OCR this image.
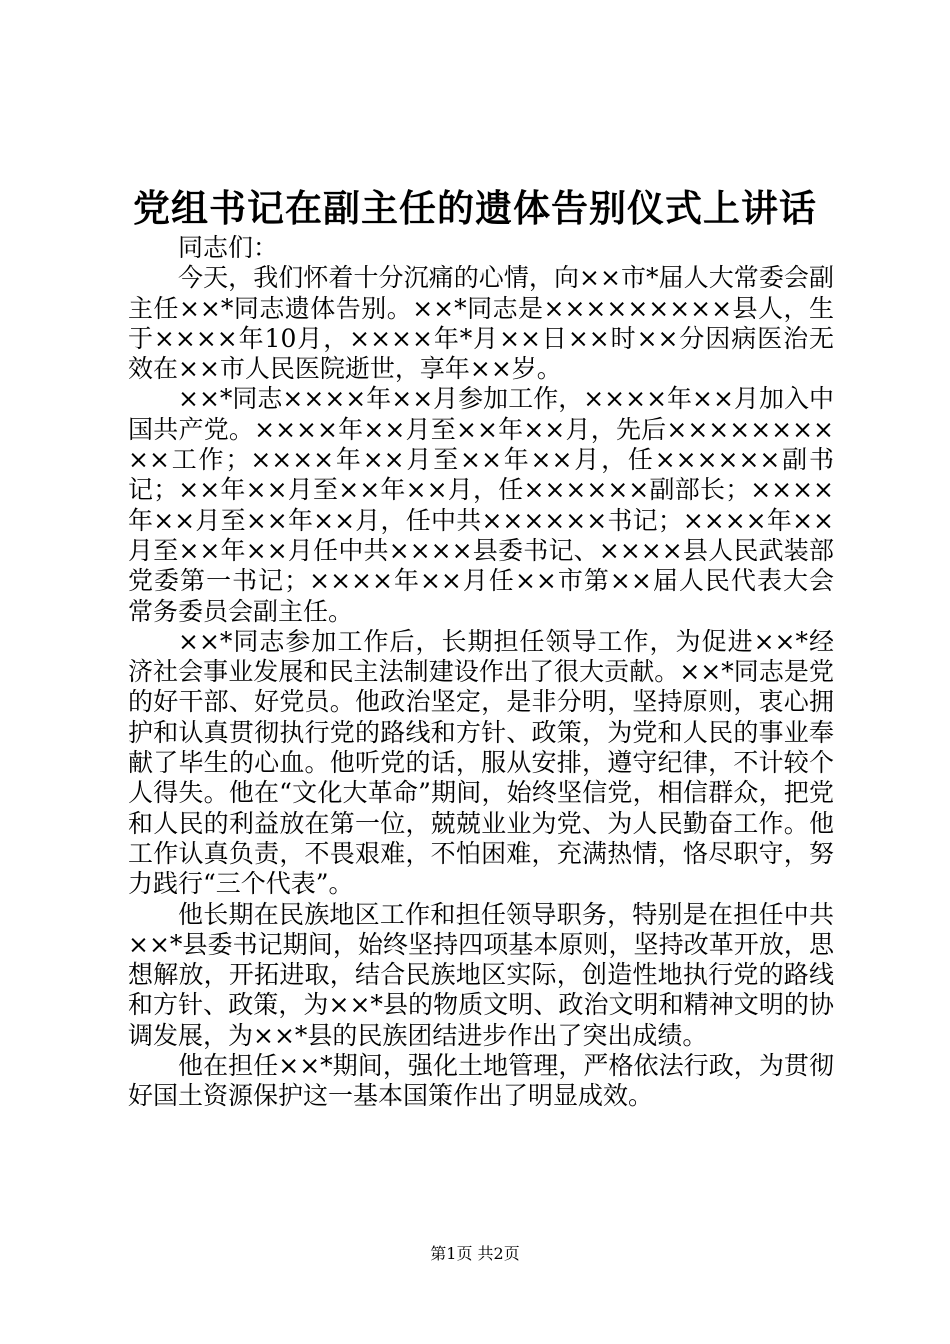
党组书记在副主任的遗体告别仪式上讲话

同志们：

今天，我们怀着十分沉痛的心情，向××市*届人大常委会副主任××*同志遗体告别。××*同志是×××××××××县人，生于××××年10月，××××年*月××日××时××分因病医治无效在××市人民医院逝世，享年××岁。

××*同志××××年××月参加工作，××××年××月加入中国共产党。××××年××月至××年××月，先后××××××××××工作；××××年××月至××年××月，任××××××副书记；××年××月至××年××月，任××××××副部长；××××年××月至××年××月，任中共××××××书记；××××年××月至××年××月任中共××××县委书记、××××县人民武装部党委第一书记；××××年××月任××市第××届人民代表大会常务委员会副主任。

××*同志参加工作后，长期担任领导工作，为促进××*经济社会事业发展和民主法制建设作出了很大贡献。××*同志是党的好干部、好党员。他政治坚定，是非分明，坚持原则，衷心拥护和认真贯彻执行党的路线和方针、政策，为党和人民的事业奉献了毕生的心血。他听党的话，服从安排，遵守纪律，不计较个人得失。他在“文化大革命”期间，始终坚信党，相信群众，把党和人民的利益放在第一位，兢兢业业为党、为人民勤奋工作。他工作认真负责，不畏艰难，不怕困难，充满热情，恪尽职守，努力践行“三个代表”。

他长期在民族地区工作和担任领导职务，特别是在担任中共××*县委书记期间，始终坚持四项基本原则，坚持改革开放，思想解放，开拓进取，结合民族地区实际，创造性地执行党的路线和方针、政策，为××*县的物质文明、政治文明和精神文明的协调发展，为××*县的民族团结进步作出了突出成绩。

他在担任××*期间，强化土地管理，严格依法行政，为贯彻好国土资源保护这一基本国策作出了明显成效。

第1页 共2页
